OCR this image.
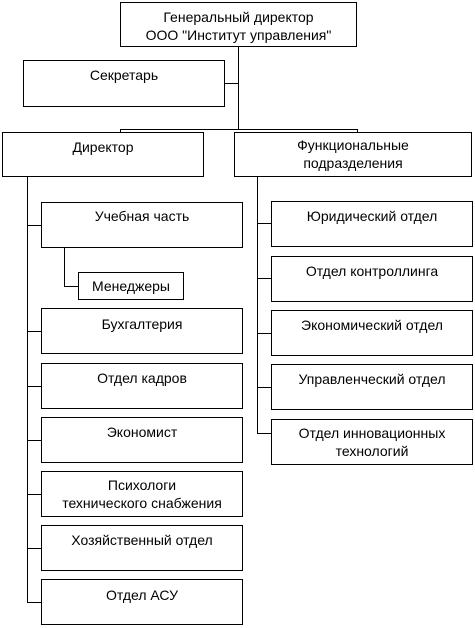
Генеральный директор
ООО "Институт управления"
Секретарь
Директор	Функциональные
подразделения
Учебная часть
Менеджеры
Бухгалтерия
Отдел кадров
Экономист
Психологи
технического снабжения
Хозяйственный отдел
Отдел АСУ
Юридический отдел
Отдел контроллинга
Экономический отдел
Управленческий отдел
Отдел инновационных
технологий
